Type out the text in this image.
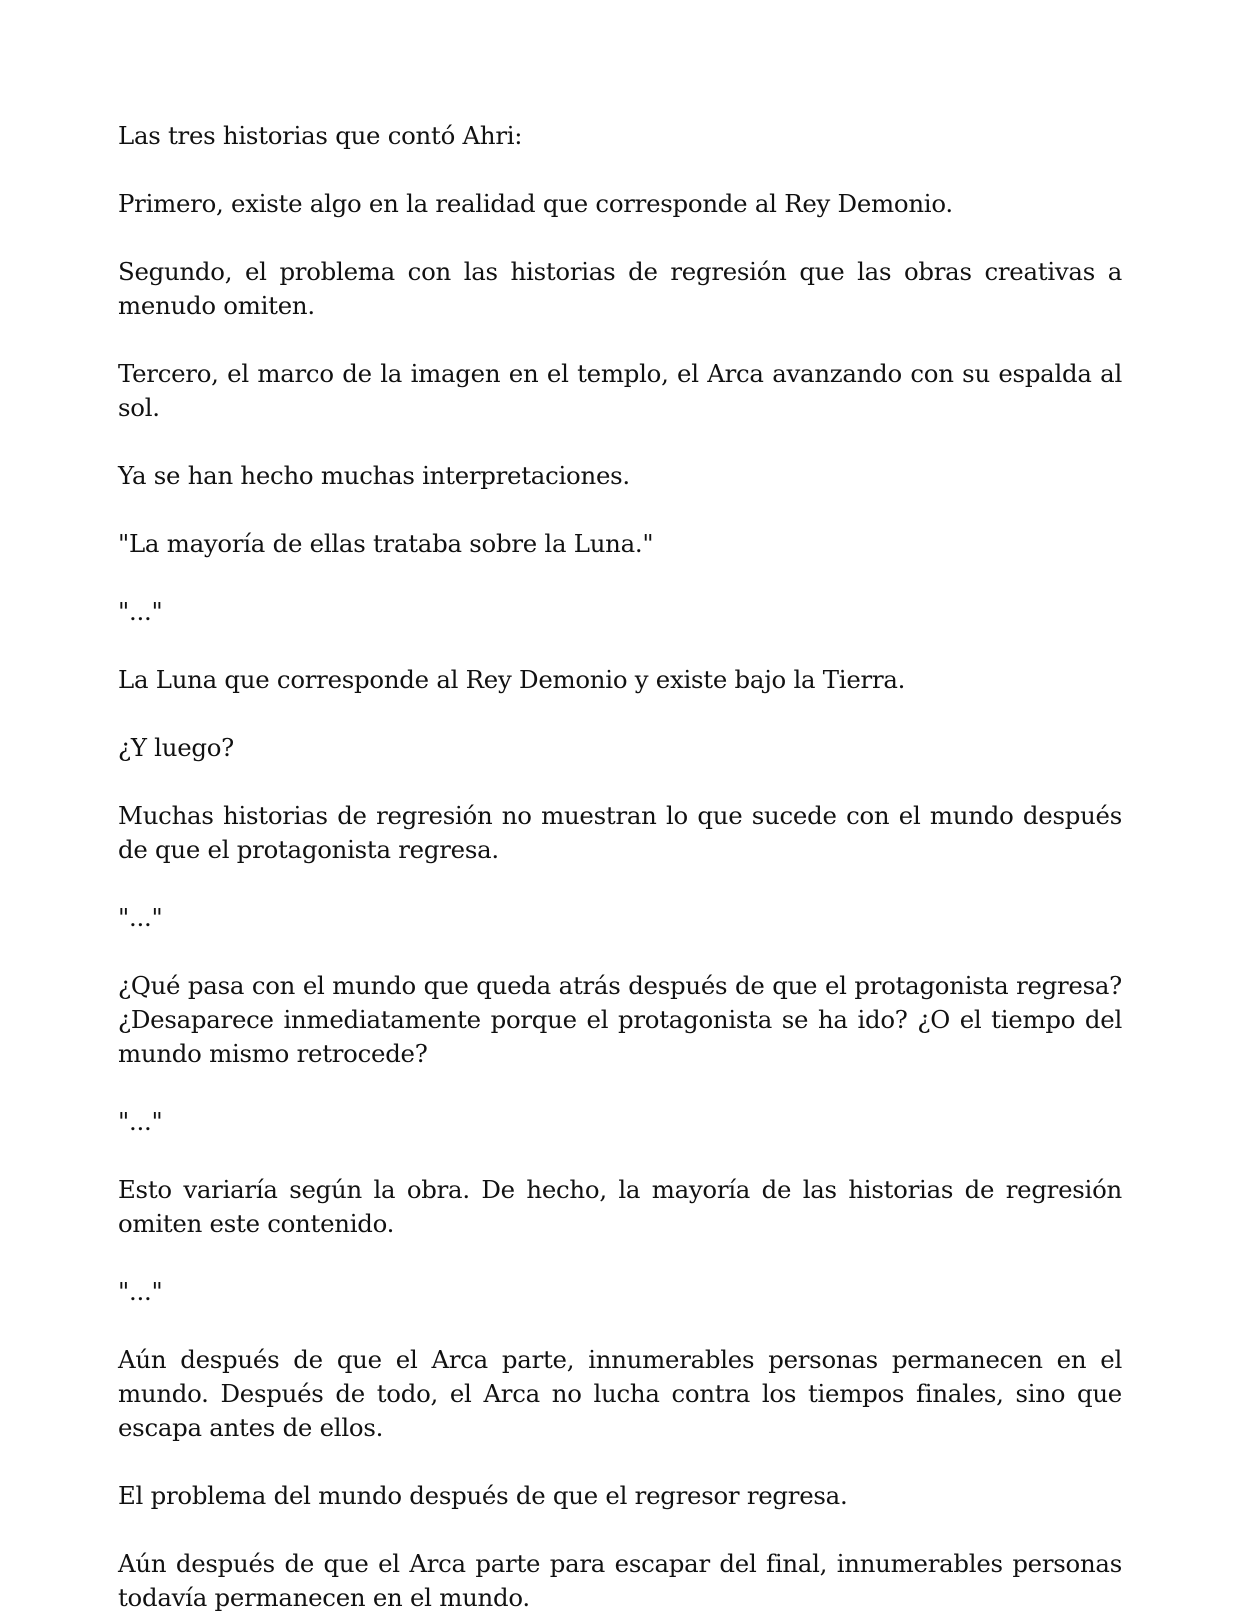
Las tres historias que contó Ahri:

Primero, existe algo en la realidad que corresponde al Rey Demonio.

Segundo, el problema con las historias de regresión que las obras creativas a menudo omiten.

Tercero, el marco de la imagen en el templo, el Arca avanzando con su espalda al sol.

Ya se han hecho muchas interpretaciones.

"La mayoría de ellas trataba sobre la Luna."

"..."

La Luna que corresponde al Rey Demonio y existe bajo la Tierra.

¿Y luego?

Muchas historias de regresión no muestran lo que sucede con el mundo después de que el protagonista regresa.

"..."

¿Qué pasa con el mundo que queda atrás después de que el protagonista regresa? ¿Desaparece inmediatamente porque el protagonista se ha ido? ¿O el tiempo del mundo mismo retrocede?

"..."

Esto variaría según la obra. De hecho, la mayoría de las historias de regresión omiten este contenido.

"..."

Aún después de que el Arca parte, innumerables personas permanecen en el mundo. Después de todo, el Arca no lucha contra los tiempos finales, sino que escapa antes de ellos.

El problema del mundo después de que el regresor regresa.

Aún después de que el Arca parte para escapar del final, innumerables personas todavía permanecen en el mundo.
